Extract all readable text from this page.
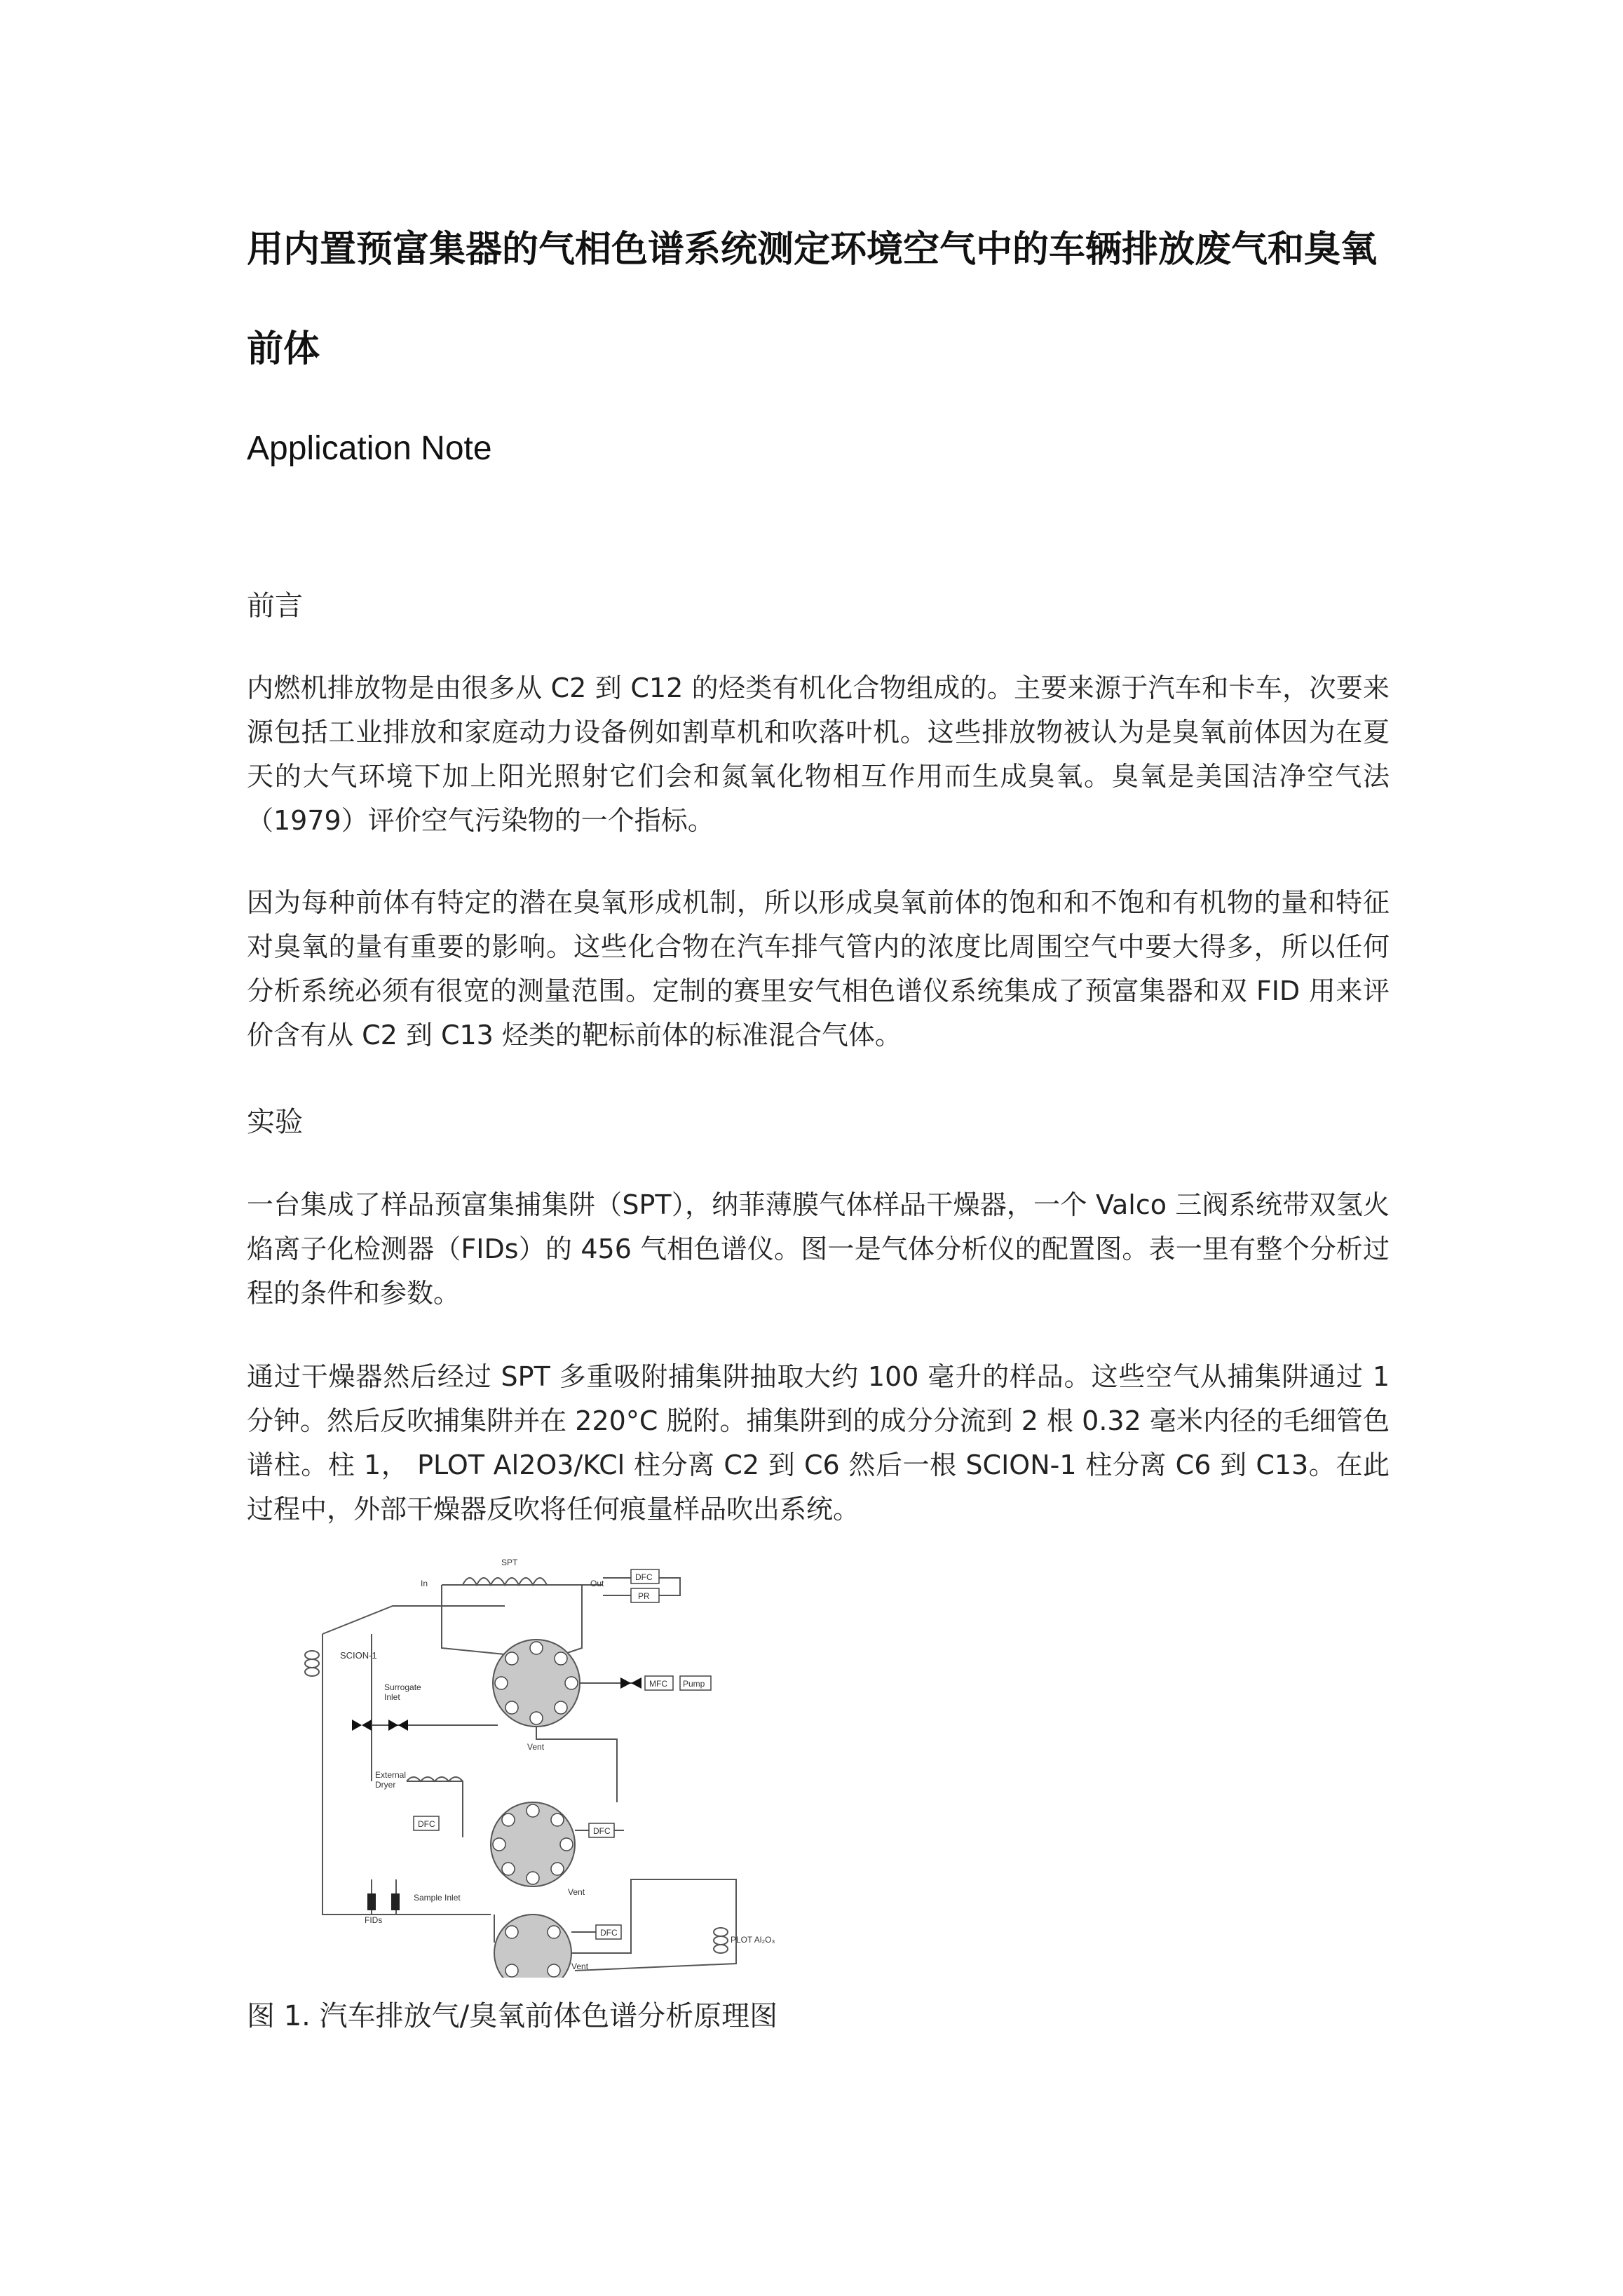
用内置预富集器的气相色谱系统测定环境空气中的车辆排放废气和臭氧前体
Application Note
前言

内燃机排放物是由很多从 C2 到 C12 的烃类有机化合物组成的。主要来源于汽车和卡车，次要来源包括工业排放和家庭动力设备例如割草机和吹落叶机。这些排放物被认为是臭氧前体因为在夏天的大气环境下加上阳光照射它们会和氮氧化物相互作用而生成臭氧。臭氧是美国洁净空气法（1979）评价空气污染物的一个指标。

因为每种前体有特定的潜在臭氧形成机制，所以形成臭氧前体的饱和和不饱和有机物的量和特征对臭氧的量有重要的影响。这些化合物在汽车排气管内的浓度比周围空气中要大得多，所以任何分析系统必须有很宽的测量范围。定制的赛里安气相色谱仪系统集成了预富集器和双 FID 用来评价含有从 C2 到 C13 烃类的靶标前体的标准混合气体。

实验

一台集成了样品预富集捕集阱（SPT），纳菲薄膜气体样品干燥器，一个 Valco 三阀系统带双氢火焰离子化检测器（FIDs）的 456 气相色谱仪。图一是气体分析仪的配置图。表一里有整个分析过程的条件和参数。

通过干燥器然后经过 SPT 多重吸附捕集阱抽取大约 100 毫升的样品。这些空气从捕集阱通过 1 分钟。然后反吹捕集阱并在 220°C 脱附。捕集阱到的成分分流到 2 根 0.32 毫米内径的毛细管色谱柱。柱 1， PLOT Al2O3/KCl 柱分离 C2 到 C6 然后一根 SCION-1 柱分离 C6 到 C13。在此过程中，外部干燥器反吹将任何痕量样品吹出系统。

SPT
In	Out
DFC
PR
MFC Pump
SCION-1
Surrogate
Inlet
Vent
External
Dryer
DFC
DFC
Vent
Sample Inlet
FIDs
DFC
PLOT Al₂O₃
Vent

图 1. 汽车排放气/臭氧前体色谱分析原理图
